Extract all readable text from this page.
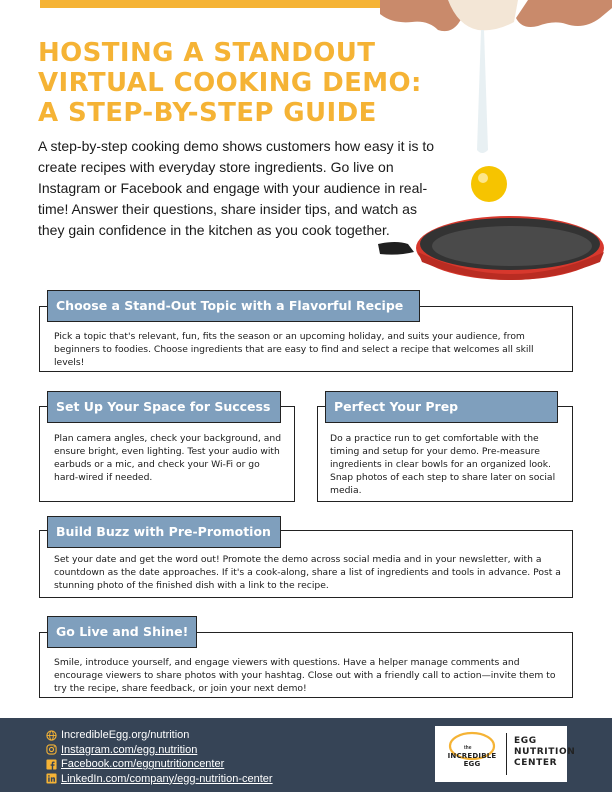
HOSTING A STANDOUT
VIRTUAL COOKING DEMO:
A STEP-BY-STEP GUIDE

A step-by-step cooking demo shows customers how easy it is to create recipes with everyday store ingredients. Go live on Instagram or Facebook and engage with your audience in real-time! Answer their questions, share insider tips, and watch as they gain confidence in the kitchen as you cook together.

Choose a Stand-Out Topic with a Flavorful Recipe

Pick a topic that's relevant, fun, fits the season or an upcoming holiday, and suits your audience, from beginners to foodies. Choose ingredients that are easy to find and select a recipe that welcomes all skill levels!

Set Up Your Space for Success

Plan camera angles, check your background, and ensure bright, even lighting. Test your audio with earbuds or a mic, and check your Wi-Fi or go hard-wired if needed.

Perfect Your Prep

Do a practice run to get comfortable with the timing and setup for your demo. Pre-measure ingredients in clear bowls for an organized look. Snap photos of each step to share later on social media.

Build Buzz with Pre-Promotion

Set your date and get the word out! Promote the demo across social media and in your newsletter, with a countdown as the date approaches. If it's a cook-along, share a list of ingredients and tools in advance. Post a stunning photo of the finished dish with a link to the recipe.

Go Live and Shine!

Smile, introduce yourself, and engage viewers with questions. Have a helper manage comments and encourage viewers to share photos with your hashtag. Close out with a friendly call to action—invite them to try the recipe, share feedback, or join your next demo!

IncredibleEgg.org/nutrition
Instagram.com/egg.nutrition
Facebook.com/eggnutritioncenter
LinkedIn.com/company/egg-nutrition-center
the
INCREDIBLE EGG
EGG
NUTRITION
CENTER
